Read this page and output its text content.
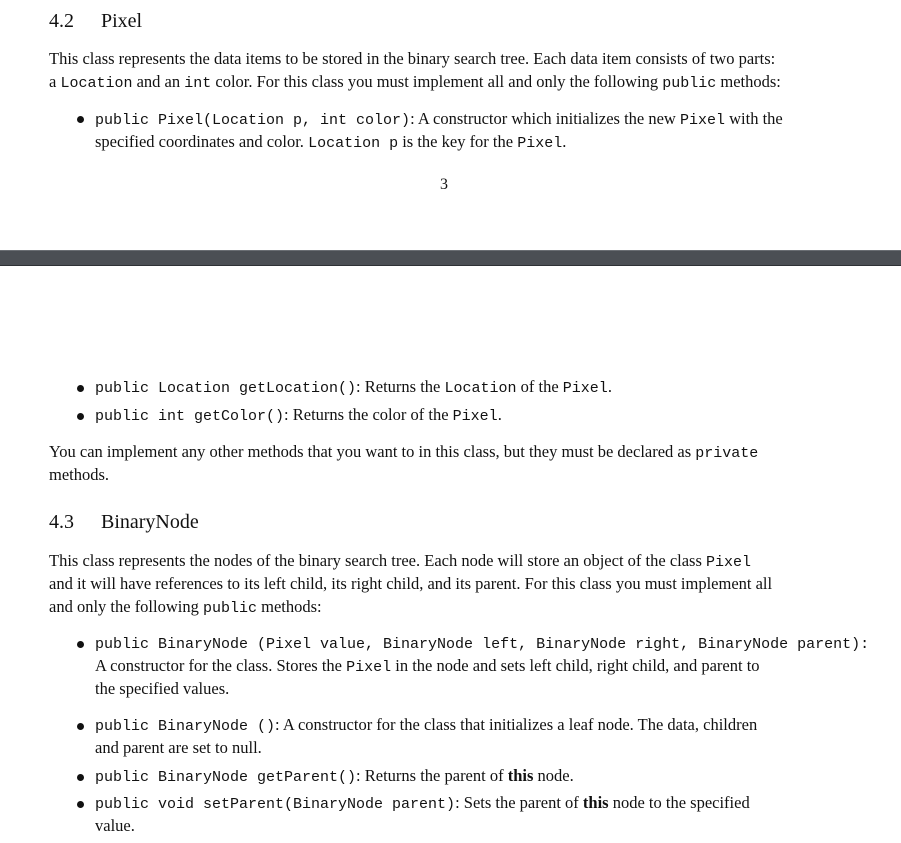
4.2 Pixel
This class represents the data items to be stored in the binary search tree. Each data item consists of two parts:
a Location and an int color. For this class you must implement all and only the following public methods:
public Pixel(Location p, int color): A constructor which initializes the new Pixel with the
specified coordinates and color. Location p is the key for the Pixel.
3
public Location getLocation(): Returns the Location of the Pixel.
public int getColor(): Returns the color of the Pixel.
You can implement any other methods that you want to in this class, but they must be declared as private
methods.
4.3 BinaryNode
This class represents the nodes of the binary search tree. Each node will store an object of the class Pixel
and it will have references to its left child, its right child, and its parent. For this class you must implement all
and only the following public methods:
public BinaryNode (Pixel value, BinaryNode left, BinaryNode right, BinaryNode parent):
A constructor for the class. Stores the Pixel in the node and sets left child, right child, and parent to
the specified values.
public BinaryNode (): A constructor for the class that initializes a leaf node. The data, children
and parent are set to null.
public BinaryNode getParent(): Returns the parent of this node.
public void setParent(BinaryNode parent): Sets the parent of this node to the specified
value.
